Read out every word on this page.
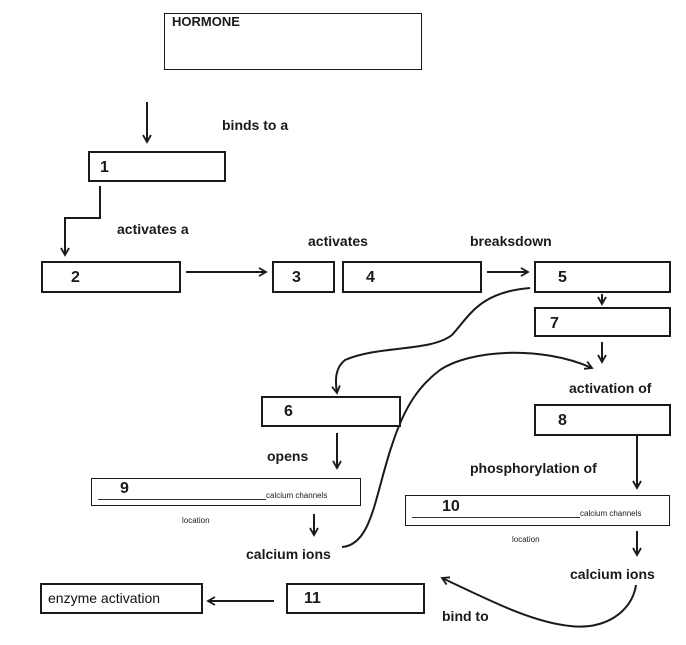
HORMONE
binds to a
1
activates a
activates	breaksdown
2	3	4	5
7
activation of
6
8
opens
phosphorylation of
9	calcium channels
location
10	calcium channels
location
calcium ions
calcium ions
enzyme activation	11
bind to
